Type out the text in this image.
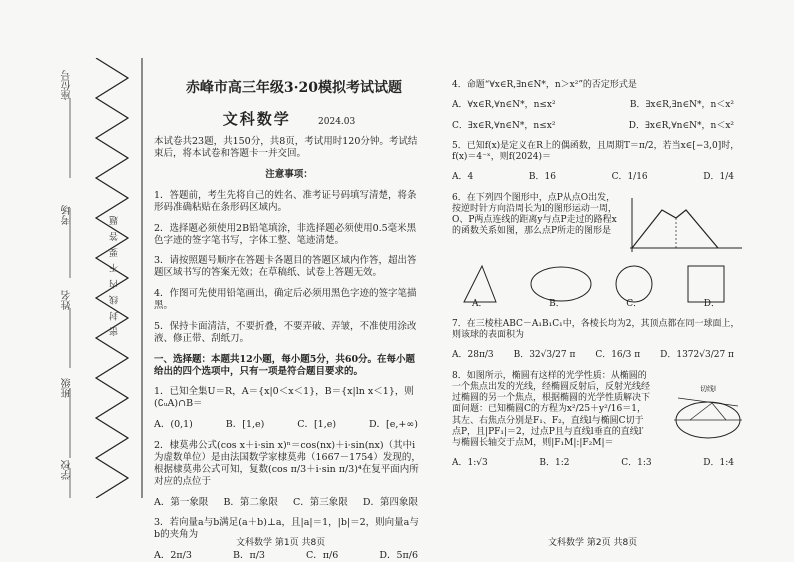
座位号
考场
姓名
班级
学校
密 封 线 内 不 要 答 题
赤峰市高三年级3·20模拟考试试题
文科数学	2024.03

本试卷共23题，共150分，共8页，考试用时120分钟。考试结束后，将本试卷和答题卡一并交回。

注意事项：

1．答题前，考生先将自己的姓名、准考证号码填写清楚，将条形码准确粘贴在条形码区域内。

2．选择题必须使用2B铅笔填涂，非选择题必须使用0.5毫米黑色字迹的签字笔书写，字体工整、笔迹清楚。

3．请按照题号顺序在答题卡各题目的答题区域内作答，超出答题区域书写的答案无效；在草稿纸、试卷上答题无效。

4．作图可先使用铅笔画出，确定后必须用黑色字迹的签字笔描黑。

5．保持卡面清洁，不要折叠，不要弄破、弄皱，不准使用涂改液、修正带、刮纸刀。

一、选择题：本题共12小题，每小题5分，共60分。在每小题给出的四个选项中，只有一项是符合题目要求的。

1．已知全集U＝R，A＝{x|0＜x＜1}，B＝{x|ln x＜1}，则(∁ᵤA)∩B＝

A．(0,1)	B．[1,e)	C．[1,e)	D．[e,+∞)

2．棣莫弗公式(cos x＋i·sin x)ⁿ＝cos(nx)＋i·sin(nx)（其中i为虚数单位）是由法国数学家棣莫弗（1667－1754）发现的，根据棣莫弗公式可知，复数(cos π/3＋i·sin π/3)⁴在复平面内所对应的点位于

A．第一象限 B．第二象限 C．第三象限 D．第四象限

3．若向量a与b满足(a＋b)⊥a，且|a|＝1，|b|＝2，则向量a与b的夹角为

A．2π/3	B．π/3	C．π/6	D．5π/6
文科数学 第1页 共8页

4．命题“∀x∈R,∃n∈N*，n＞x²”的否定形式是

A．∀x∈R,∀n∈N*，n≤x²	B．∃x∈R,∃n∈N*，n＜x²
C．∃x∈R,∀n∈N*，n≤x²	D．∃x∈R,∀n∈N*，n＜x²

5．已知f(x)是定义在R上的偶函数，且周期T＝π/2，若当x∈[−3,0]时，f(x)＝4⁻ˣ，则f(2024)＝

A．4	B．16	C．1/16	D．1/4

6．在下列四个图形中，点P从点O出发，按逆时针方向沿周长为l的图形运动一周，O、P两点连线的距离y与点P走过的路程x的函数关系如图，那么点P所走的图形是

A．	B．	C．	D．

7．在三棱柱ABC－A₁B₁C₁中，各棱长均为2，其顶点都在同一球面上，则该球的表面积为

A．28π/3 B．32√3/27 π C．16/3 π D．1372√3/27 π

8．如图所示，椭圆有这样的光学性质：从椭圆的一个焦点出发的光线，经椭圆反射后，反射光线经过椭圆的另一个焦点，根据椭圆的光学性质解决下面问题：已知椭圆C的方程为x²/25＋y²/16＝1，其左、右焦点分别是F₁、F₂，直线l与椭圆C切于点P，且|PF₁|＝2，过点P且与直线l垂直的直线l′与椭圆长轴交于点M，则|F₁M|:|F₂M|＝

A．1:√3	B．1:2	C．1:3	D．1:4
文科数学 第2页 共8页
切线l
